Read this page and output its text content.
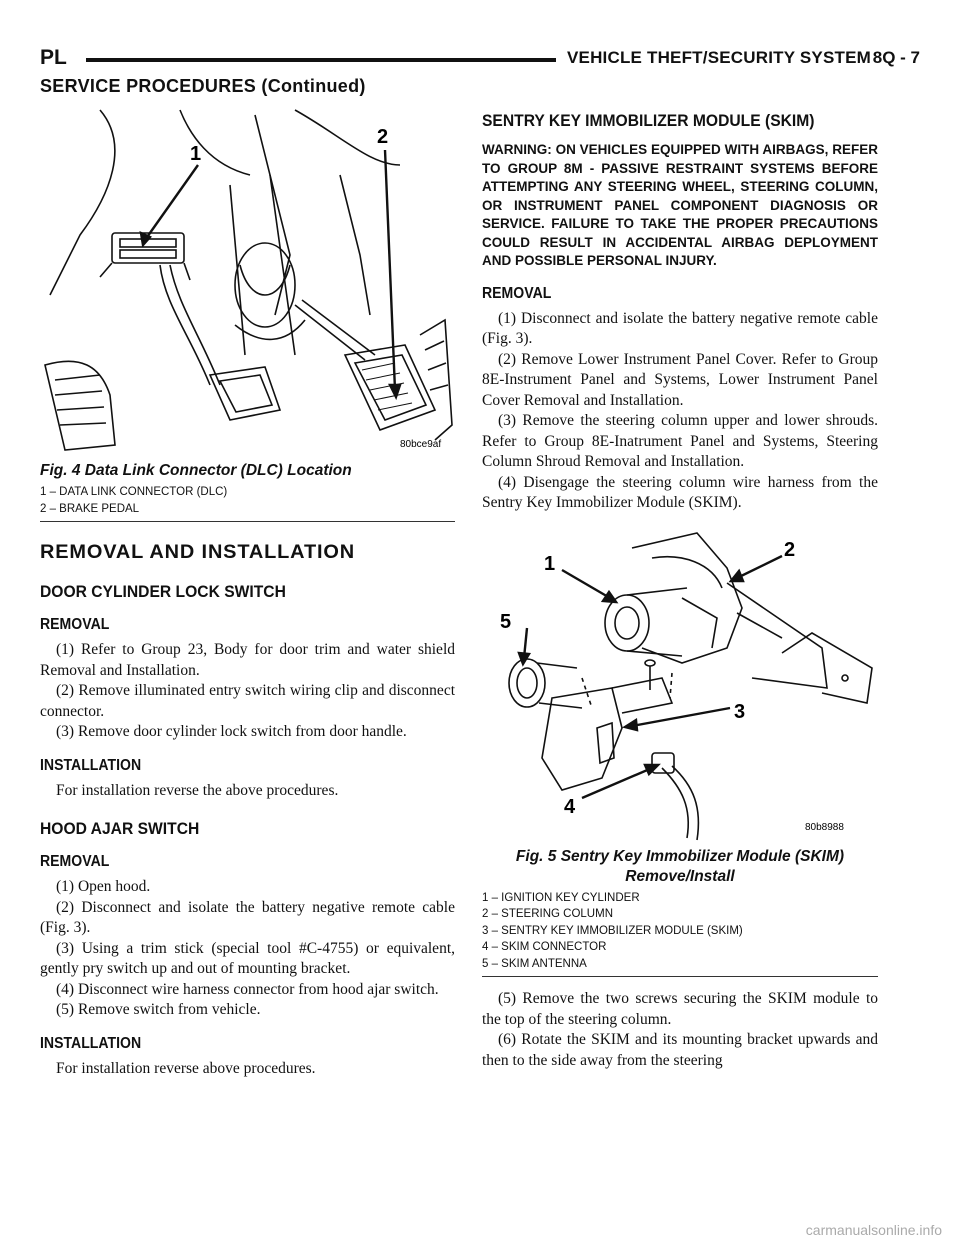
PL	VEHICLE THEFT/SECURITY SYSTEM 8Q - 7
SERVICE PROCEDURES (Continued)
1
2
80bce9af
Fig. 4 Data Link Connector (DLC) Location
1 – DATA LINK CONNECTOR (DLC)
2 – BRAKE PEDAL
REMOVAL AND INSTALLATION
DOOR CYLINDER LOCK SWITCH
REMOVAL

(1) Refer to Group 23, Body for door trim and water shield Removal and Installation.

(2) Remove illuminated entry switch wiring clip and disconnect connector.

(3) Remove door cylinder lock switch from door handle.

INSTALLATION

For installation reverse the above procedures.

HOOD AJAR SWITCH
REMOVAL

(1) Open hood.

(2) Disconnect and isolate the battery negative remote cable (Fig. 3).

(3) Using a trim stick (special tool #C-4755) or equivalent, gently pry switch up and out of mounting bracket.

(4) Disconnect wire harness connector from hood ajar switch.

(5) Remove switch from vehicle.

INSTALLATION

For installation reverse above procedures.

SENTRY KEY IMMOBILIZER MODULE (SKIM)
WARNING: ON VEHICLES EQUIPPED WITH AIRBAGS, REFER TO GROUP 8M - PASSIVE RESTRAINT SYSTEMS BEFORE ATTEMPTING ANY STEERING WHEEL, STEERING COLUMN, OR INSTRUMENT PANEL COMPONENT DIAGNOSIS OR SERVICE. FAILURE TO TAKE THE PROPER PRECAUTIONS COULD RESULT IN ACCIDENTAL AIRBAG DEPLOYMENT AND POSSIBLE PERSONAL INJURY.
REMOVAL

(1) Disconnect and isolate the battery negative remote cable (Fig. 3).

(2) Remove Lower Instrument Panel Cover. Refer to Group 8E-Instrument Panel and Systems, Lower Instrument Panel Cover Removal and Installation.

(3) Remove the steering column upper and lower shrouds. Refer to Group 8E-Inatrument Panel and Systems, Steering Column Shroud Removal and Installation.

(4) Disengage the steering column wire harness from the Sentry Key Immobilizer Module (SKIM).

1
2
3
4
5
80b8988
Fig. 5 Sentry Key Immobilizer Module (SKIM)
Remove/Install
1 – IGNITION KEY CYLINDER
2 – STEERING COLUMN
3 – SENTRY KEY IMMOBILIZER MODULE (SKIM)
4 – SKIM CONNECTOR
5 – SKIM ANTENNA

(5) Remove the two screws securing the SKIM module to the top of the steering column.

(6) Rotate the SKIM and its mounting bracket upwards and then to the side away from the steering

carmanualsonline.info
